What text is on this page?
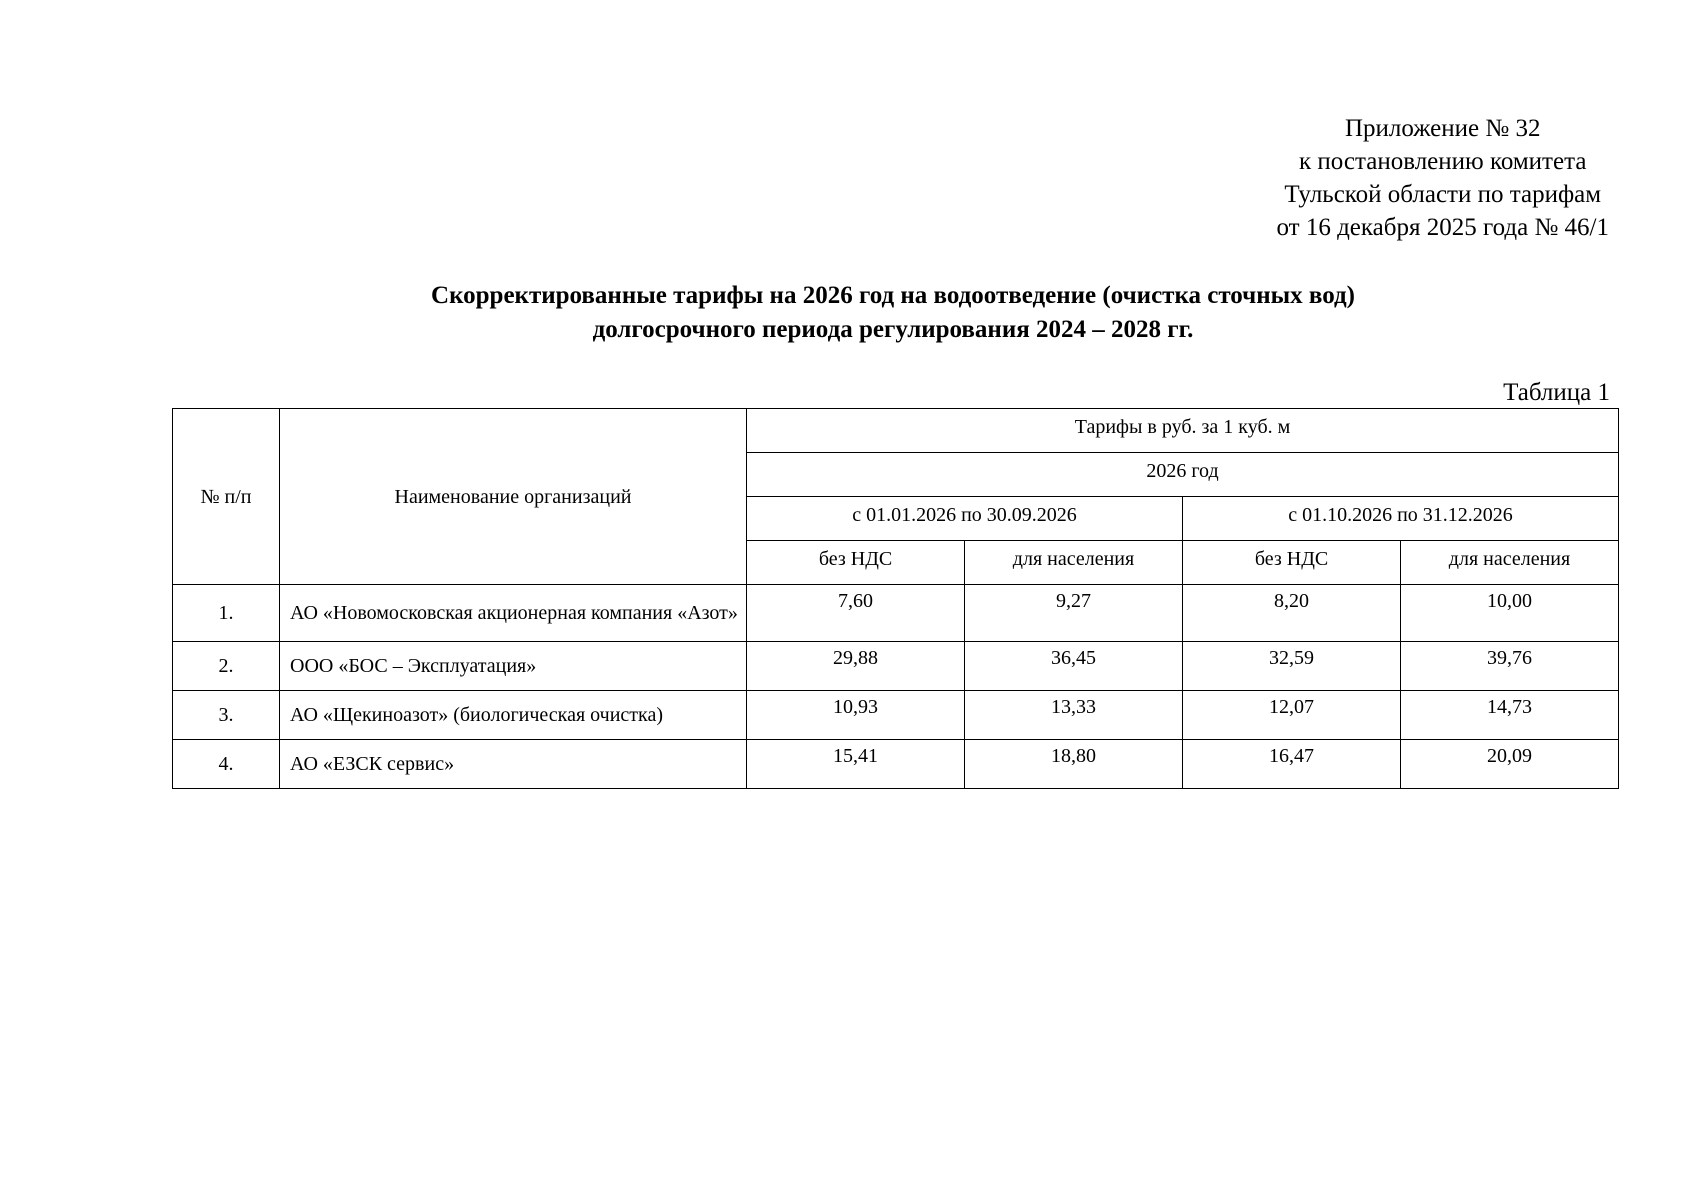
Приложение № 32
к постановлению комитета
Тульской области по тарифам
от 16 декабря 2025 года № 46/1
Скорректированные тарифы на 2026 год на водоотведение (очистка сточных вод)
долгосрочного периода регулирования 2024 – 2028 гг.
Таблица 1
№ п/п	Наименование организаций	Тарифы в руб. за 1 куб. м			
		2026 год			
		с 01.01.2026 по 30.09.2026		с 01.10.2026 по 31.12.2026	
		без НДС	для населения	без НДС	для населения
1.	АО «Новомосковская акционерная компания «Азот»	7,60	9,27	8,20	10,00
2.	ООО «БОС – Эксплуатация»	29,88	36,45	32,59	39,76
3.	АО «Щекиноазот» (биологическая очистка)	10,93	13,33	12,07	14,73
4.	АО «ЕЗСК сервис»	15,41	18,80	16,47	20,09
